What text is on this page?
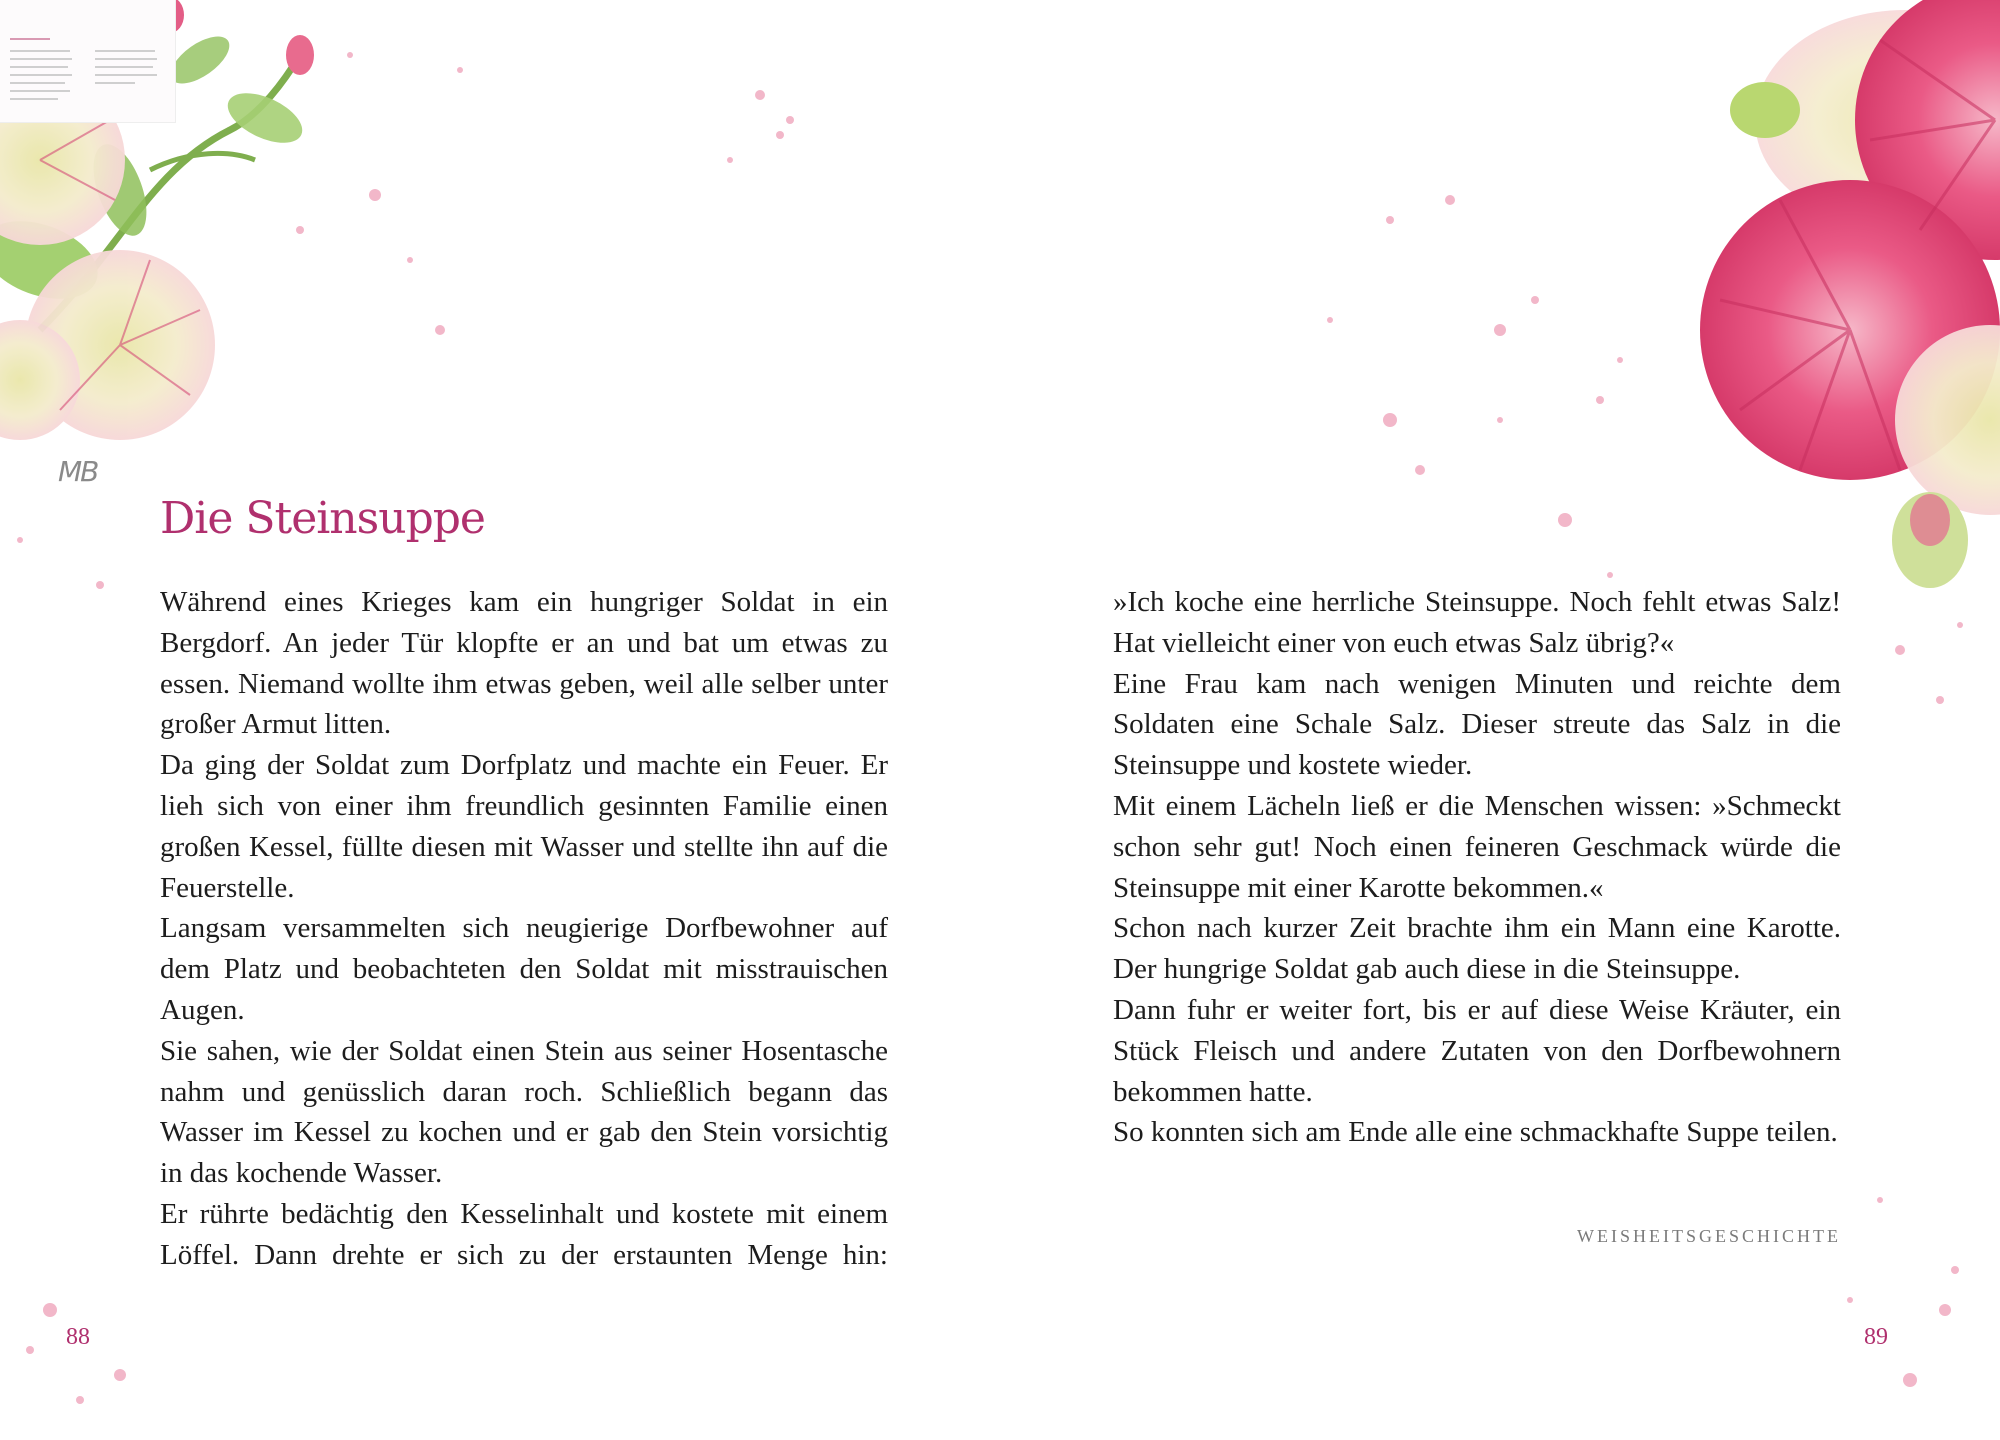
MB
Die Steinsuppe

Während eines Krieges kam ein hungriger Soldat in ein Bergdorf. An jeder Tür klopfte er an und bat um etwas zu essen. Niemand wollte ihm etwas geben, weil alle selber unter großer Armut litten.

Da ging der Soldat zum Dorfplatz und machte ein Feuer. Er lieh sich von einer ihm freundlich gesinnten Familie einen großen Kessel, füllte diesen mit Wasser und stellte ihn auf die Feuerstelle.

Langsam versammelten sich neugierige Dorfbewohner auf dem Platz und beobachteten den Soldat mit misstrauischen Augen.

Sie sahen, wie der Soldat einen Stein aus seiner Hosentasche nahm und genüsslich daran roch. Schließlich begann das Wasser im Kessel zu kochen und er gab den Stein vorsichtig in das kochende Wasser.

Er rührte bedächtig den Kesselinhalt und kostete mit einem Löffel. Dann drehte er sich zu der erstaunten Menge hin:

»Ich koche eine herrliche Steinsuppe. Noch fehlt etwas Salz! Hat vielleicht einer von euch etwas Salz übrig?«

Eine Frau kam nach wenigen Minuten und reichte dem Soldaten eine Schale Salz. Dieser streute das Salz in die Steinsuppe und kostete wieder.

Mit einem Lächeln ließ er die Menschen wissen: »Schmeckt schon sehr gut! Noch einen feineren Geschmack würde die Steinsuppe mit einer Karotte bekommen.«

Schon nach kurzer Zeit brachte ihm ein Mann eine Karotte. Der hungrige Soldat gab auch diese in die Steinsuppe.

Dann fuhr er weiter fort, bis er auf diese Weise Kräuter, ein Stück Fleisch und andere Zutaten von den Dorfbewohnern bekommen hatte.

So konnten sich am Ende alle eine schmackhafte Suppe teilen.

WEISHEITSGESCHICHTE
88	89
